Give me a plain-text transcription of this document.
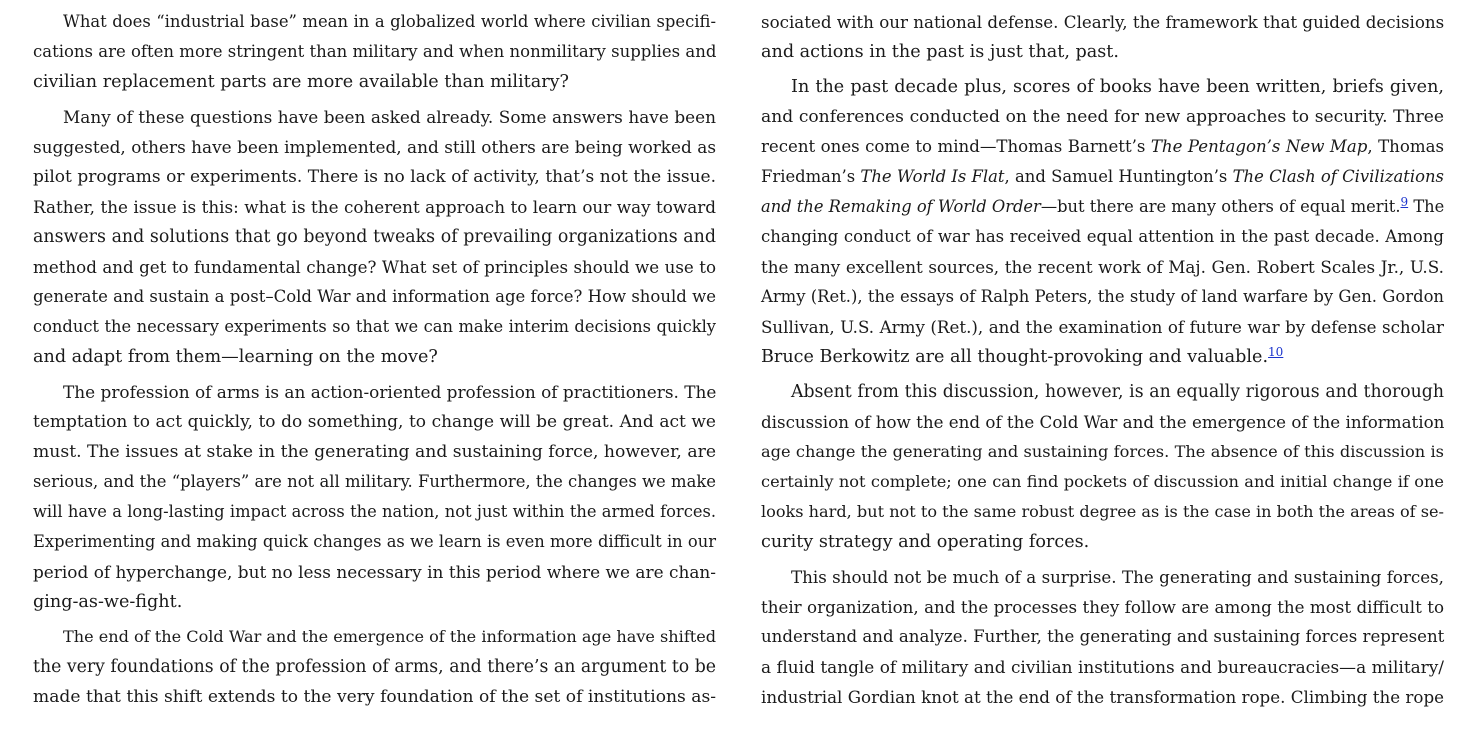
What does “industrial base” mean in a globalized world where civilian specifi-
cations are often more stringent than military and when nonmilitary supplies and
civilian replacement parts are more available than military?
Many of these questions have been asked already. Some answers have been
suggested, others have been implemented, and still others are being worked as
pilot programs or experiments. There is no lack of activity, that’s not the issue.
Rather, the issue is this: what is the coherent approach to learn our way toward
answers and solutions that go beyond tweaks of prevailing organizations and
method and get to fundamental change? What set of principles should we use to
generate and sustain a post–Cold War and information age force? How should we
conduct the necessary experiments so that we can make interim decisions quickly
and adapt from them—learning on the move?
The profession of arms is an action-oriented profession of practitioners. The
temptation to act quickly, to do something, to change will be great. And act we
must. The issues at stake in the generating and sustaining force, however, are
serious, and the “players” are not all military. Furthermore, the changes we make
will have a long-lasting impact across the nation, not just within the armed forces.
Experimenting and making quick changes as we learn is even more difficult in our
period of hyperchange, but no less necessary in this period where we are chan-
ging-as-we-fight.
The end of the Cold War and the emergence of the information age have shifted
the very foundations of the profession of arms, and there’s an argument to be
made that this shift extends to the very foundation of the set of institutions as-
sociated with our national defense. Clearly, the framework that guided decisions
and actions in the past is just that, past.
In the past decade plus, scores of books have been written, briefs given,
and conferences conducted on the need for new approaches to security. Three
recent ones come to mind—Thomas Barnett’s The Pentagon’s New Map, Thomas
Friedman’s The World Is Flat, and Samuel Huntington’s The Clash of Civilizations
and the Remaking of World Order—but there are many others of equal merit.$^9$ The
changing conduct of war has received equal attention in the past decade. Among
the many excellent sources, the recent work of Maj. Gen. Robert Scales Jr., U.S.
Army (Ret.), the essays of Ralph Peters, the study of land warfare by Gen. Gordon
Sullivan, U.S. Army (Ret.), and the examination of future war by defense scholar
Bruce Berkowitz are all thought-provoking and valuable.$^{10}$
Absent from this discussion, however, is an equally rigorous and thorough
discussion of how the end of the Cold War and the emergence of the information
age change the generating and sustaining forces. The absence of this discussion is
certainly not complete; one can find pockets of discussion and initial change if one
looks hard, but not to the same robust degree as is the case in both the areas of se-
curity strategy and operating forces.
This should not be much of a surprise. The generating and sustaining forces,
their organization, and the processes they follow are among the most difficult to
understand and analyze. Further, the generating and sustaining forces represent
a fluid tangle of military and civilian institutions and bureaucracies—a military/
industrial Gordian knot at the end of the transformation rope. Climbing the rope
